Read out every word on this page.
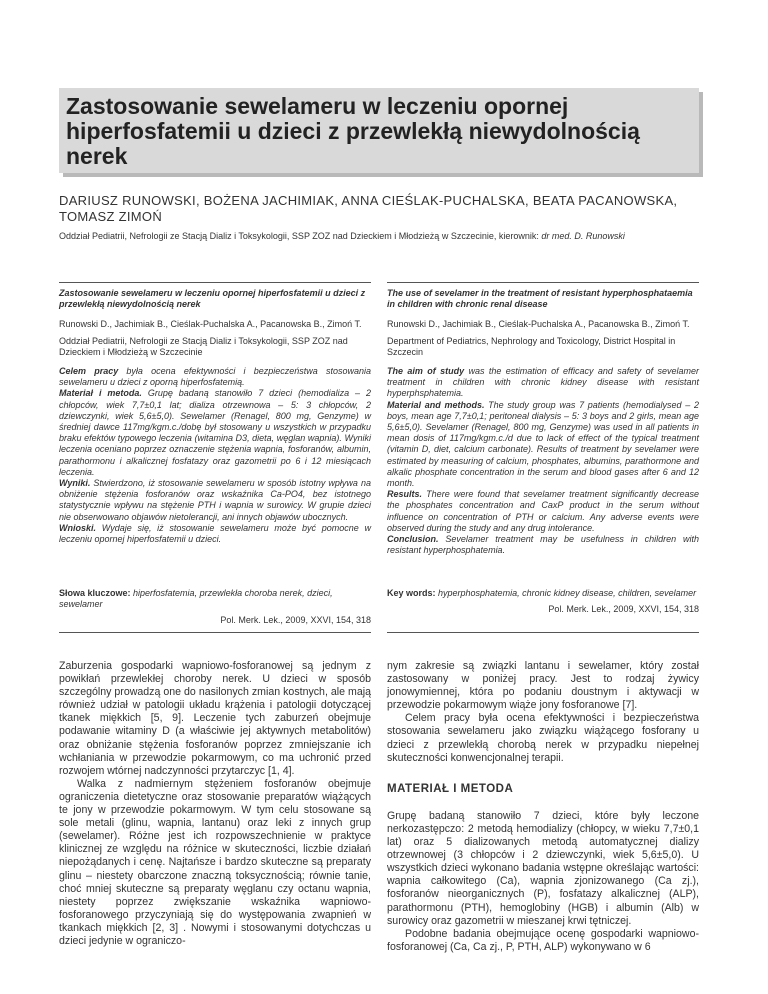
Zastosowanie sewelameru w leczeniu opornej hiperfosfatemii u dzieci z przewlekłą niewydolnością nerek
DARIUSZ RUNOWSKI, BOŻENA JACHIMIAK, ANNA CIEŚLAK-PUCHALSKA, BEATA PACANOWSKA, TOMASZ ZIMOŃ
Oddział Pediatrii, Nefrologii ze Stacją Dializ i Toksykologii, SSP ZOZ nad Dzieckiem i Młodzieżą w Szczecinie, kierownik: dr med. D. Runowski

Zastosowanie sewelameru w leczeniu opornej hiperfosfatemii u dzieci z przewlekłą niewydolnością nerek

Runowski D., Jachimiak B., Cieślak-Puchalska A., Pacanowska B., Zimoń T.

Oddział Pediatrii, Nefrologii ze Stacją Dializ i Toksykologii, SSP ZOZ nad Dzieckiem i Młodzieżą w Szczecinie

Celem pracy była ocena efektywności i bezpieczeństwa stosowania sewelameru u dzieci z oporną hiperfosfatemią.
Materiał i metoda. Grupę badaną stanowiło 7 dzieci (hemodializa – 2 chłopców, wiek 7,7±0,1 lat; dializa otrzewnowa – 5: 3 chłopców, 2 dziewczynki, wiek 5,6±5,0). Sewelamer (Renagel, 800 mg, Genzyme) w średniej dawce 117mg/kgm.c./dobę był stosowany u wszystkich w przypadku braku efektów typowego leczenia (witamina D3, dieta, węglan wapnia). Wyniki leczenia oceniano poprzez oznaczenie stężenia wapnia, fosforanów, albumin, parathormonu i alkalicznej fosfatazy oraz gazometrii po 6 i 12 miesiącach leczenia.
Wyniki. Stwierdzono, iż stosowanie sewelameru w sposób istotny wpływa na obniżenie stężenia fosforanów oraz wskaźnika Ca-PO4, bez istotnego statystycznie wpływu na stężenie PTH i wapnia w surowicy. W grupie dzieci nie obserwowano objawów nietolerancji, ani innych objawów ubocznych.
Wnioski. Wydaje się, iż stosowanie sewelameru może być pomocne w leczeniu opornej hiperfosfatemii u dzieci.

Słowa kluczowe: hiperfosfatemia, przewlekła choroba nerek, dzieci, sewelamer

Pol. Merk. Lek., 2009, XXVI, 154, 318

The use of sevelamer in the treatment of resistant hyperphosphataemia in children with chronic renal disease

Runowski D., Jachimiak B., Cieślak-Puchalska A., Pacanowska B., Zimoń T.

Department of Pediatrics, Nephrology and Toxicology, District Hospital in Szczecin

The aim of study was the estimation of efficacy and safety of sevelamer treatment in children with chronic kidney disease with resistant hyperphsphatemia.
Material and methods. The study group was 7 patients (hemodialysed – 2 boys, mean age 7,7±0,1; peritoneal dialysis – 5: 3 boys and 2 girls, mean age 5,6±5,0). Sevelamer (Renagel, 800 mg, Genzyme) was used in all patients in mean dosis of 117mg/kgm.c./d due to lack of effect of the typical treatment (vitamin D, diet, calcium carbonate). Results of treatment by sevelamer were estimated by measuring of calcium, phosphates, albumins, parathormone and alkalic phosphate concentration in the serum and blood gases after 6 and 12 month.
Results. There were found that sevelamer treatment significantly decrease the phosphates concentration and CaxP product in the serum without influence on concentration of PTH or calcium. Any adverse events were observed during the study and any drug intolerance.
Conclusion. Sevelamer treatment may be usefulness in children with resistant hyperphosphatemia.

Key words: hyperphosphatemia, chronic kidney disease, children, sevelamer

Pol. Merk. Lek., 2009, XXVI, 154, 318

Zaburzenia gospodarki wapniowo-fosforanowej są jednym z powikłań przewlekłej choroby nerek. U dzieci w sposób szczególny prowadzą one do nasilonych zmian kostnych, ale mają również udział w patologii układu krążenia i patologii dotyczącej tkanek miękkich [5, 9]. Leczenie tych zaburzeń obejmuje podawanie witaminy D (a właściwie jej aktywnych metabolitów) oraz obniżanie stężenia fosforanów poprzez zmniejszanie ich wchłaniania w przewodzie pokarmowym, co ma uchronić przed rozwojem wtórnej nadczynności przytarczyc [1, 4].

Walka z nadmiernym stężeniem fosforanów obejmuje ograniczenia dietetyczne oraz stosowanie preparatów wiążących te jony w przewodzie pokarmowym. W tym celu stosowane są sole metali (glinu, wapnia, lantanu) oraz leki z innych grup (sewelamer). Różne jest ich rozpowszechnienie w praktyce klinicznej ze względu na różnice w skuteczności, liczbie działań niepożądanych i cenę. Najtańsze i bardzo skuteczne są preparaty glinu – niestety obarczone znaczną toksycznością; równie tanie, choć mniej skuteczne są preparaty węglanu czy octanu wapnia, niestety poprzez zwiększanie wskaźnika wapniowo-fosforanowego przyczyniają się do występowania zwapnień w tkankach miękkich [2, 3] . Nowymi i stosowanymi dotychczas u dzieci jedynie w ograniczo-

nym zakresie są związki lantanu i sewelamer, który został zastosowany w poniżej pracy. Jest to rodzaj żywicy jonowymiennej, która po podaniu doustnym i aktywacji w przewodzie pokarmowym wiąże jony fosforanowe [7].

Celem pracy była ocena efektywności i bezpieczeństwa stosowania sewelameru jako związku wiążącego fosforany u dzieci z przewlekłą chorobą nerek w przypadku niepełnej skuteczności konwencjonalnej terapii.

MATERIAŁ I METODA

Grupę badaną stanowiło 7 dzieci, które były leczone nerkozastępczo: 2 metodą hemodializy (chłopcy, w wieku 7,7±0,1 lat) oraz 5 dializowanych metodą automatycznej dializy otrzewnowej (3 chłopców i 2 dziewczynki, wiek 5,6±5,0). U wszystkich dzieci wykonano badania wstępne określając wartości: wapnia całkowitego (Ca), wapnia zjonizowanego (Ca zj.), fosforanów nieorganicznych (P), fosfatazy alkalicznej (ALP), parathormonu (PTH), hemoglobiny (HGB) i albumin (Alb) w surowicy oraz gazometrii w mieszanej krwi tętniczej.

Podobne badania obejmujące ocenę gospodarki wapniowo-fosforanowej (Ca, Ca zj., P, PTH, ALP) wykonywano w 6
